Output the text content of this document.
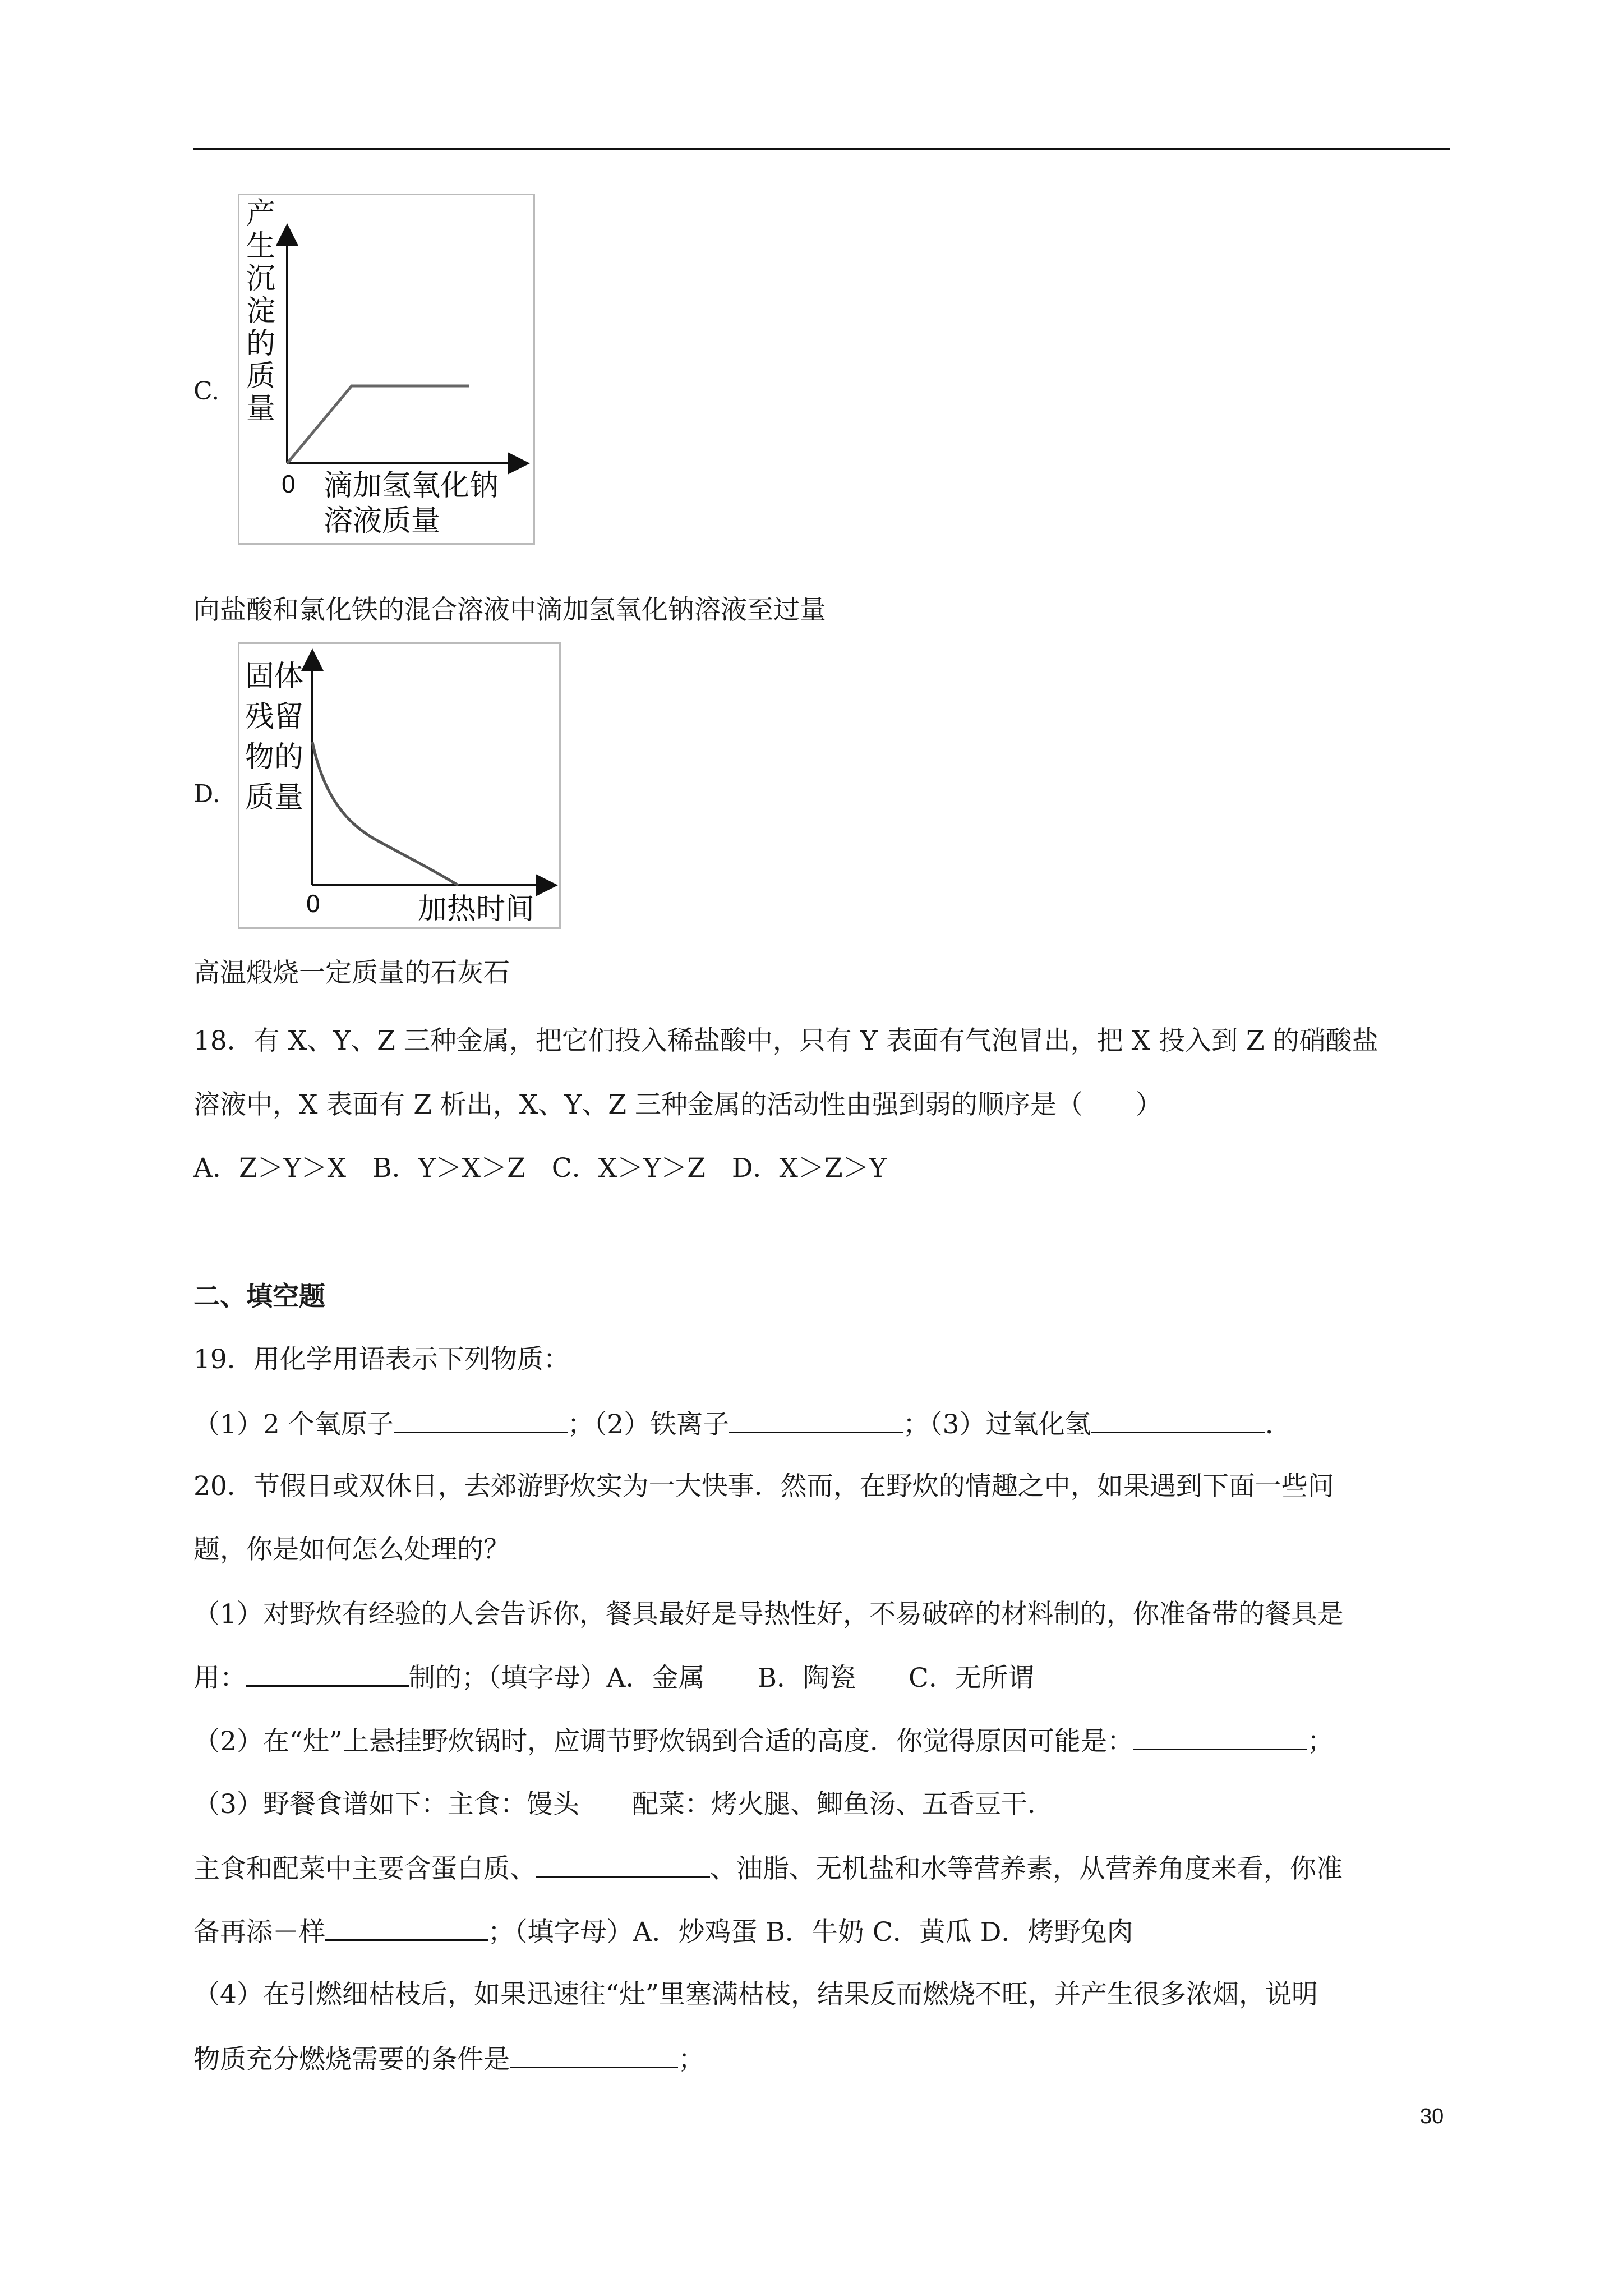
C.
产
生
沉
淀
的
质
量
0 滴加氢氧化钠
溶液质量
向盐酸和氯化铁的混合溶液中滴加氢氧化钠溶液至过量
D.
固体
残留
物的
质量
0	加热时间
高温煅烧一定质量的石灰石
18．有 X、Y、Z 三种金属，把它们投入稀盐酸中，只有 Y 表面有气泡冒出，把 X 投入到 Z 的硝酸盐
溶液中，X 表面有 Z 析出，X、Y、Z 三种金属的活动性由强到弱的顺序是（　　）
A．Z＞Y＞X　B．Y＞X＞Z　C．X＞Y＞Z　D．X＞Z＞Y
二、填空题
19．用化学用语表示下列物质：
（1）2 个氧原子	；（2）铁离子	；（3）过氧化氢	.
20．节假日或双休日，去郊游野炊实为一大快事．然而，在野炊的情趣之中，如果遇到下面一些问
题，你是如何怎么处理的？
（1）对野炊有经验的人会告诉你，餐具最好是导热性好，不易破碎的材料制的，你准备带的餐具是
用：	制的；（填字母）A．金属　　B．陶瓷　　C．无所谓
（2）在“灶”上悬挂野炊锅时，应调节野炊锅到合适的高度．你觉得原因可能是：	；
（3）野餐食谱如下：主食：馒头　　配菜：烤火腿、鲫鱼汤、五香豆干．
主食和配菜中主要含蛋白质、	、油脂、无机盐和水等营养素，从营养角度来看，你准
备再添－样	；（填字母）A．炒鸡蛋 B．牛奶 C．黄瓜 D．烤野兔肉
（4）在引燃细枯枝后，如果迅速往“灶”里塞满枯枝，结果反而燃烧不旺，并产生很多浓烟，说明
物质充分燃烧需要的条件是	；
30
